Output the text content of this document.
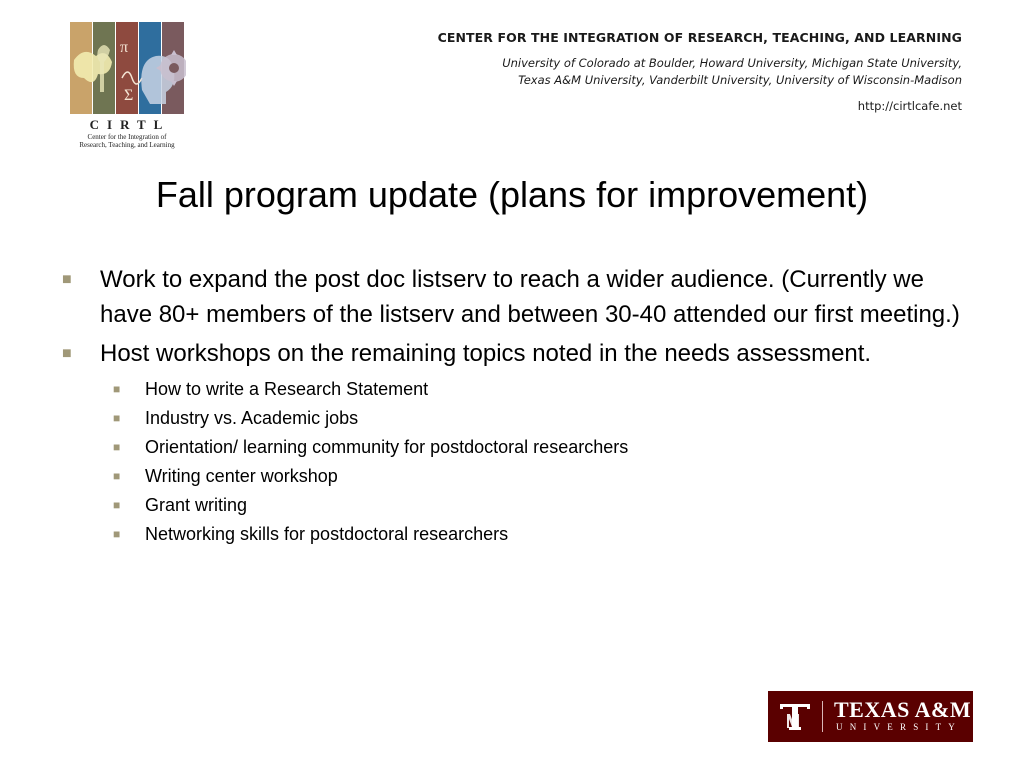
π
Σ
CIRTL
Center for the Integration of
Research, Teaching, and Learning
CENTER FOR THE INTEGRATION OF RESEARCH, TEACHING, AND LEARNING
University of Colorado at Boulder, Howard University, Michigan State University,
Texas A&M University, Vanderbilt University, University of Wisconsin-Madison
http://cirtlcafe.net
Fall program update (plans for improvement)
■ Work to expand the post doc listserv to reach a wider audience. (Currently we have 80+ members of the listserv and between 30-40 attended our first meeting.)
■ Host workshops on the remaining topics noted in the needs assessment.
■ How to write a Research Statement
■ Industry vs. Academic jobs
■ Orientation/ learning community for postdoctoral researchers
■ Writing center workshop
■ Grant writing
■ Networking skills for postdoctoral researchers
TEXAS A&M
UNIVERSITY
